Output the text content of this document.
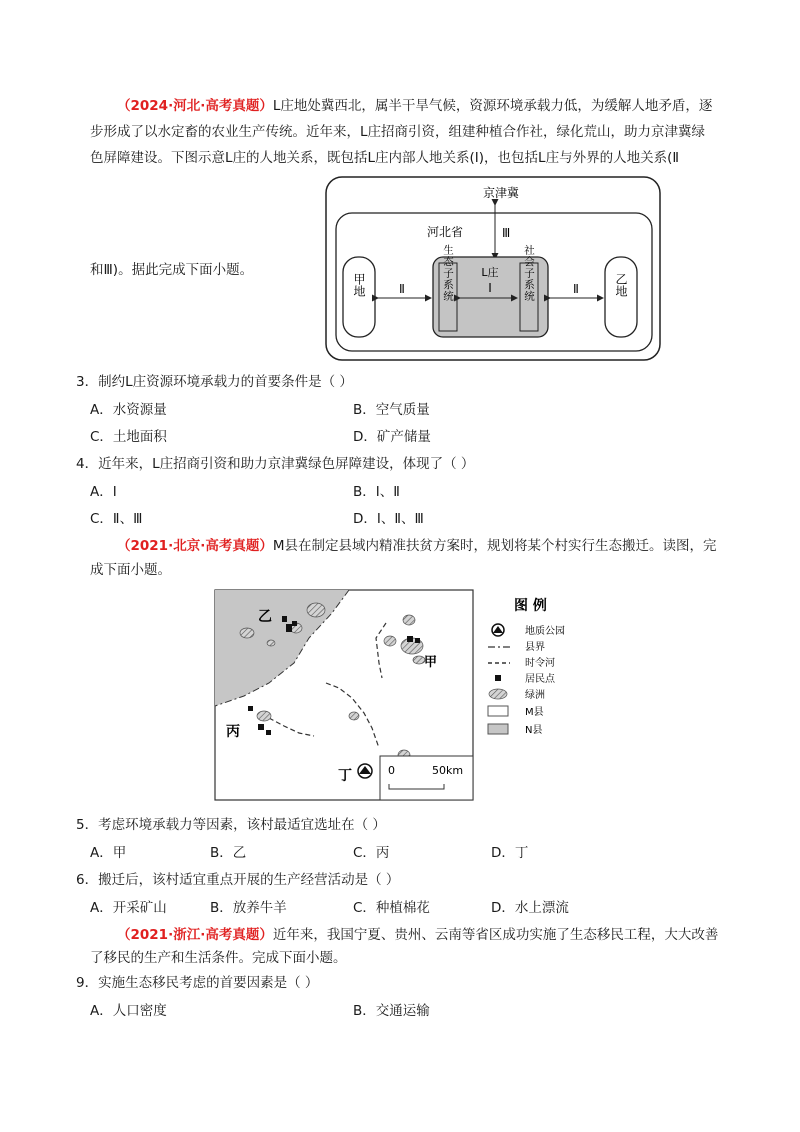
（2024·河北·高考真题）L庄地处冀西北，属半干旱气候，资源环境承载力低，为缓解人地矛盾，逐
步形成了以水定畜的农业生产传统。近年来，L庄招商引资，组建种植合作社，绿化荒山，助力京津冀绿
色屏障建设。下图示意L庄的人地关系，既包括L庄内部人地关系(Ⅰ)，也包括L庄与外界的人地关系(Ⅱ
和Ⅲ)。据此完成下面小题。
京津冀
河北省	Ⅲ
L庄
Ⅰ
生态子系统	社会子系统
甲地	乙地
Ⅱ	Ⅱ
3．制约L庄资源环境承载力的首要条件是（ ）
A．水资源量	B．空气质量
C．土地面积	D．矿产储量
4．近年来，L庄招商引资和助力京津冀绿色屏障建设，体现了（ ）
A．Ⅰ	B．Ⅰ、Ⅱ
C．Ⅱ、Ⅲ	D．Ⅰ、Ⅱ、Ⅲ
（2021·北京·高考真题）M县在制定县域内精准扶贫方案时，规划将某个村实行生态搬迁。读图，完
成下面小题。
乙
甲
丙
丁	0	50km
图 例
地质公园
县界
时令河
居民点
绿洲
M县
N县
5．考虑环境承载力等因素，该村最适宜选址在（ ）
A．甲	B．乙	C．丙	D．丁
6．搬迁后，该村适宜重点开展的生产经营活动是（ ）
A．开采矿山	B．放养牛羊	C．种植棉花	D．水上漂流
（2021·浙江·高考真题）近年来，我国宁夏、贵州、云南等省区成功实施了生态移民工程，大大改善
了移民的生产和生活条件。完成下面小题。
9．实施生态移民考虑的首要因素是（ ）
A．人口密度	B．交通运输
